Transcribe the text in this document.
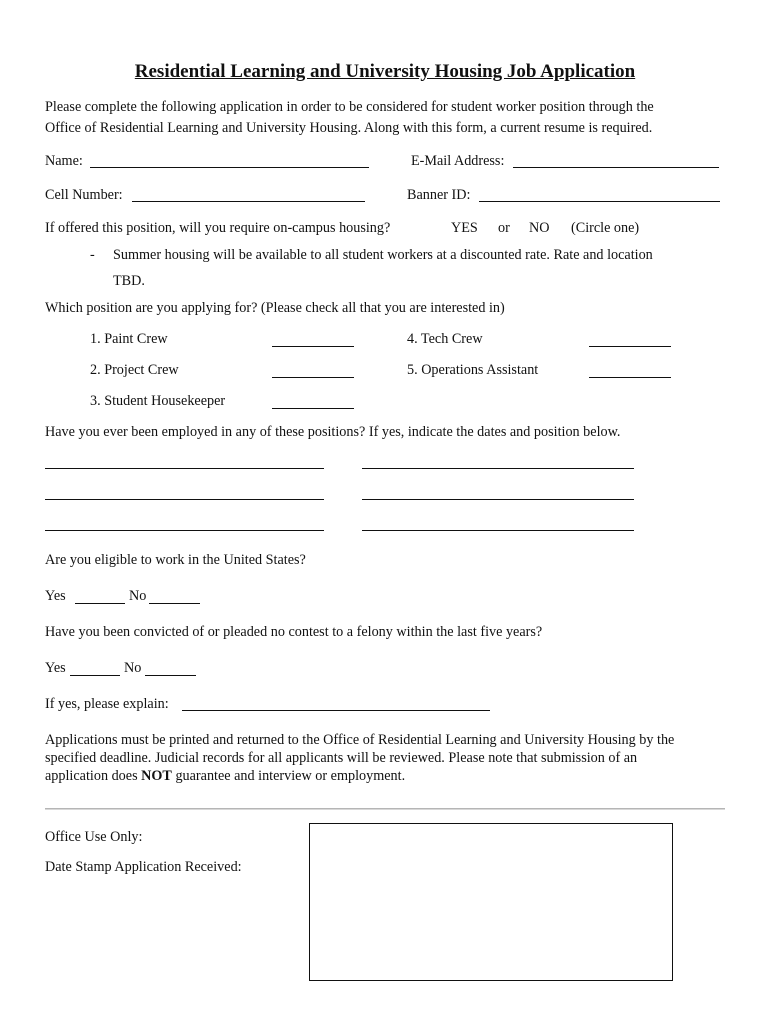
Residential Learning and University Housing Job Application
Please complete the following application in order to be considered for student worker position through the
Office of Residential Learning and University Housing. Along with this form, a current resume is required.
Name:	E-Mail Address:
Cell Number:	Banner ID:
If offered this position, will you require on-campus housing?	YES or NO (Circle one)
- Summer housing will be available to all student workers at a discounted rate. Rate and location
TBD.
Which position are you applying for? (Please check all that you are interested in)
1. Paint Crew	4. Tech Crew
2. Project Crew	5. Operations Assistant
3. Student Housekeeper
Have you ever been employed in any of these positions? If yes, indicate the dates and position below.
Are you eligible to work in the United States?
Yes	No
Have you been convicted of or pleaded no contest to a felony within the last five years?
Yes	No
If yes, please explain:
Applications must be printed and returned to the Office of Residential Learning and University Housing by the
specified deadline. Judicial records for all applicants will be reviewed. Please note that submission of an
application does NOT guarantee and interview or employment.
Office Use Only:
Date Stamp Application Received:
